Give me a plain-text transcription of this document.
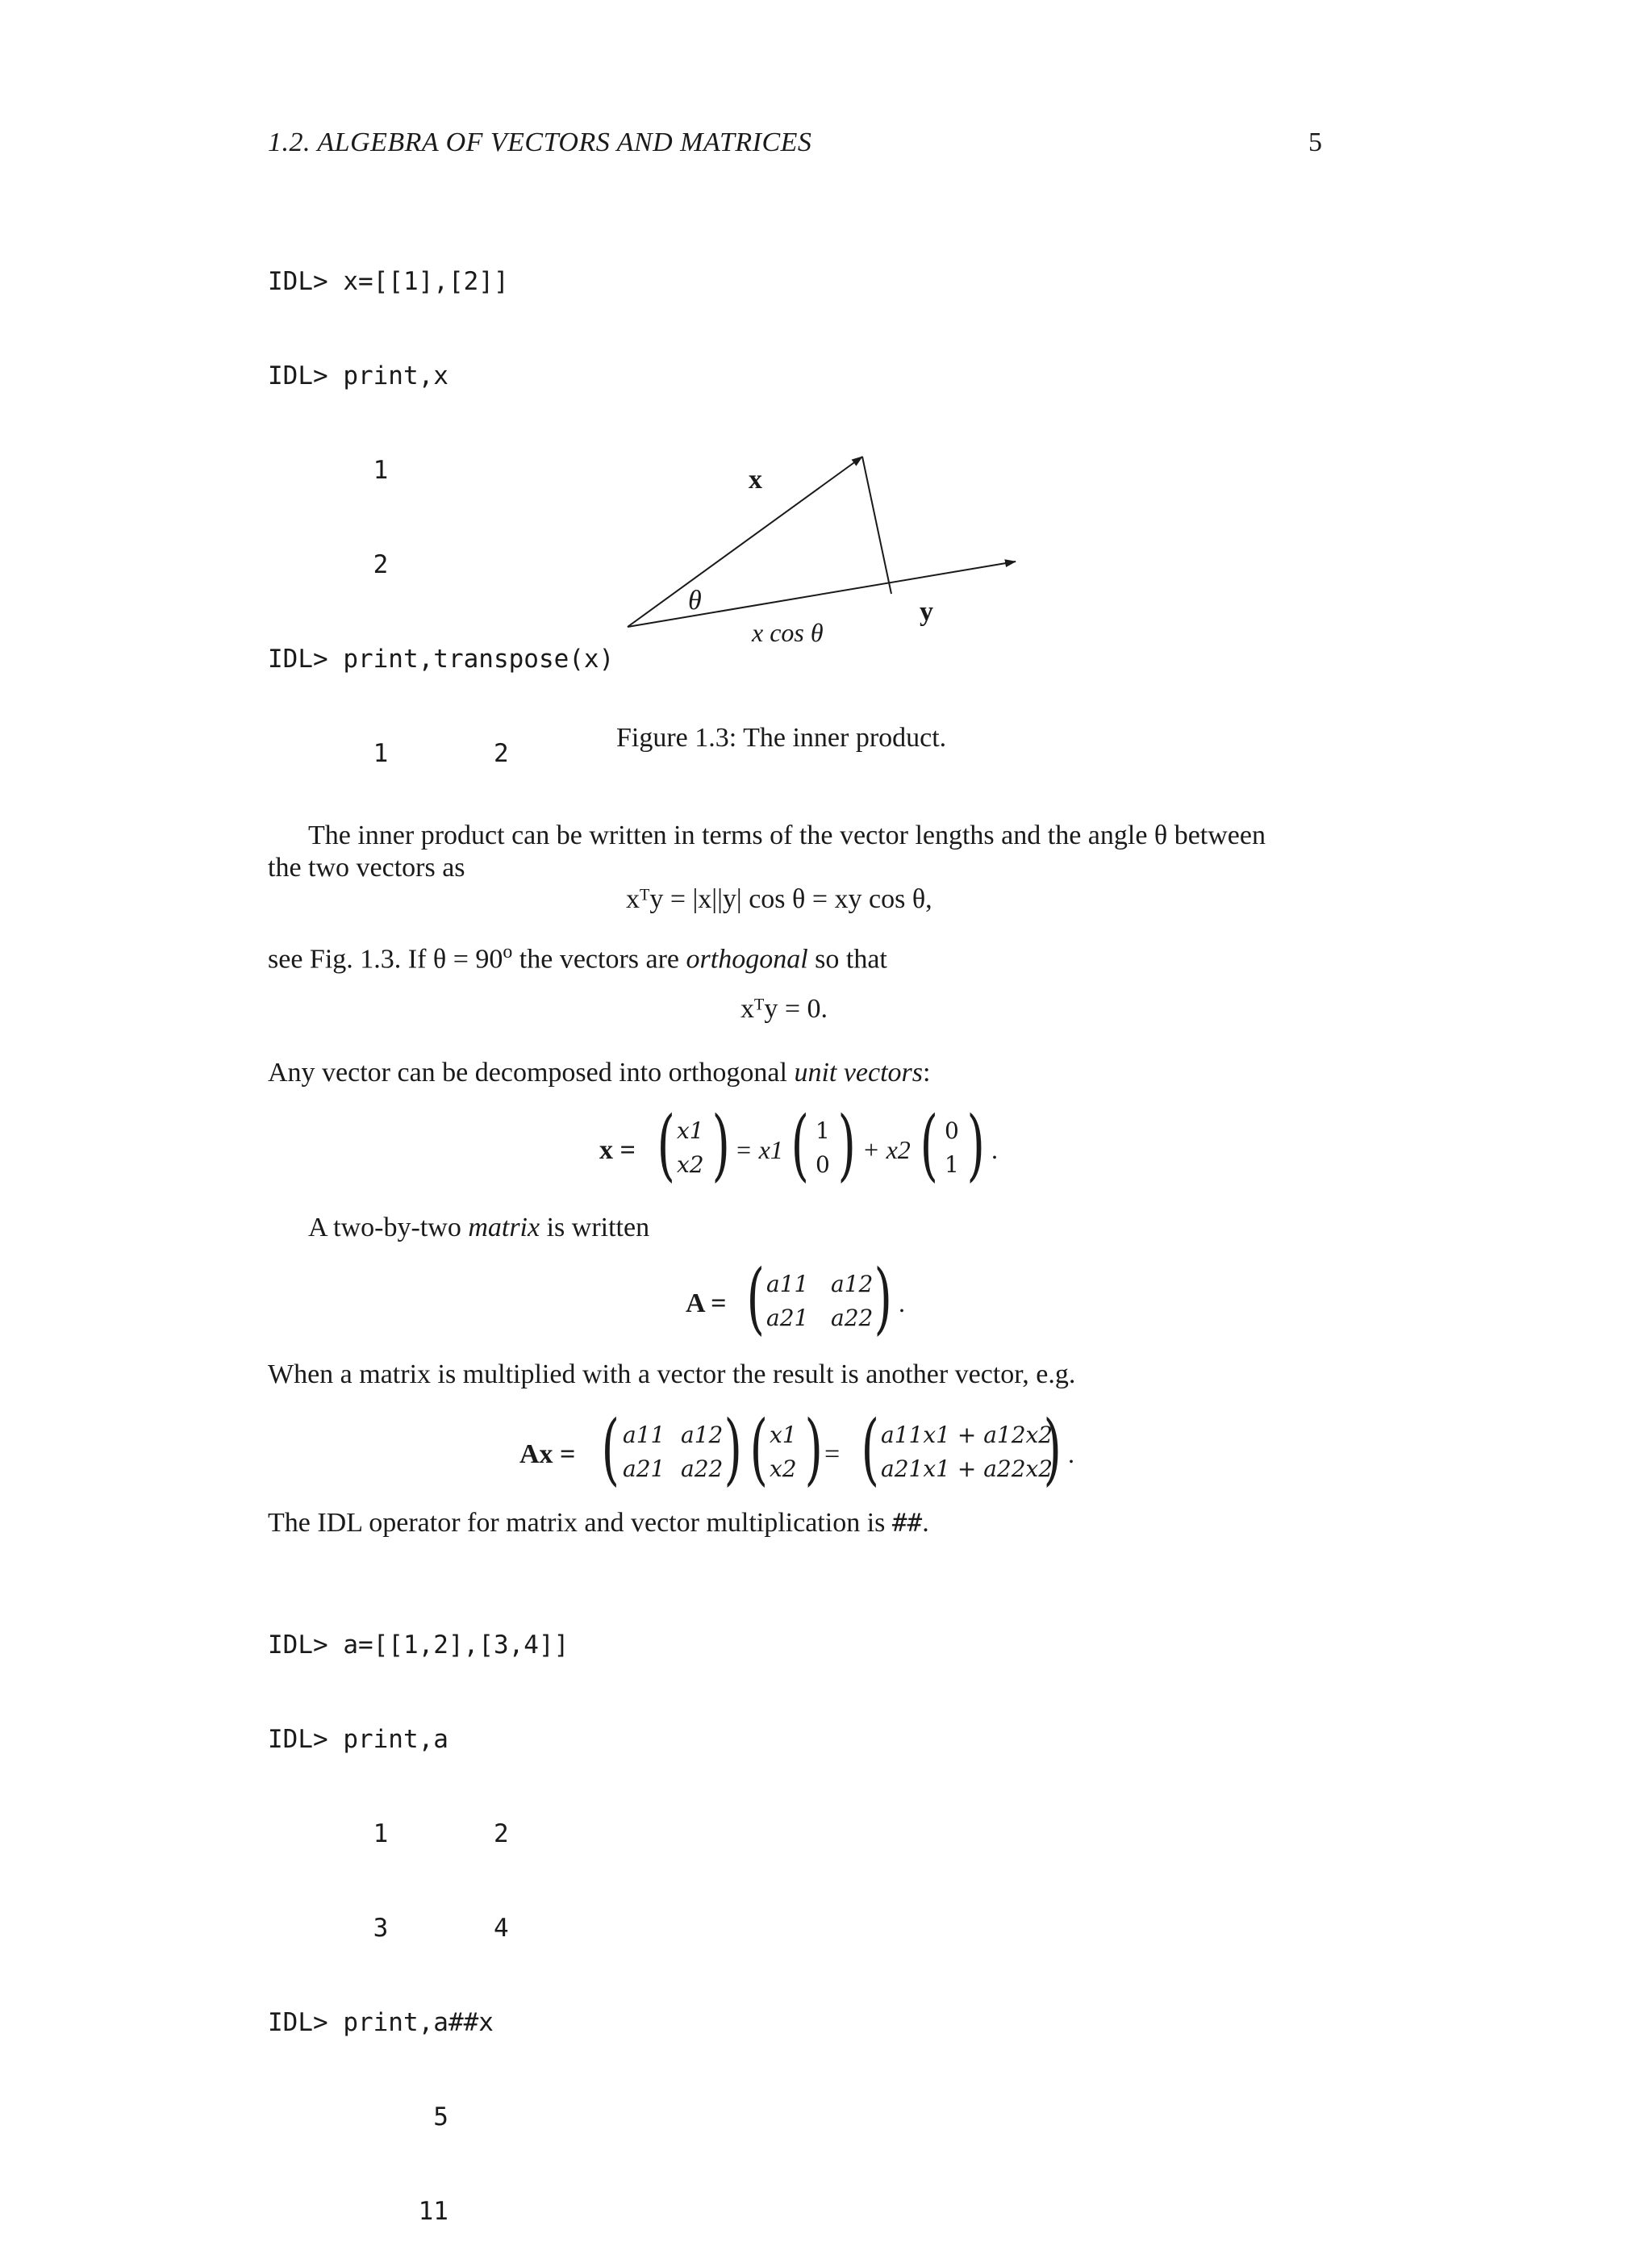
1.2. ALGEBRA OF VECTORS AND MATRICES	5

IDL> x=[[1],[2]]

IDL> print,x

1

2

IDL> print,transpose(x)

1       2

x
y
θ
x cos θ
Figure 1.3: The inner product.
The inner product can be written in terms of the vector lengths and the angle θ between
the two vectors as
xᵀy = |x||y| cos θ = xy cos θ,
see Fig. 1.3. If $\theta = 90^o$ the vectors are orthogonal so that
xᵀy = 0.
Any vector can be decomposed into orthogonal unit vectors:
x = ( x1
x2 ) = x1 ( 1
0 ) + x2 ( 0
1 ) .
A two-by-two matrix is written
A = ( a11 a12
a21 a22 ) .
When a matrix is multiplied with a vector the result is another vector, e.g.
Ax = ( a11 a12
a21 a22 ) ( x1
x2 ) = ( a11x1 + a12x2
a21x1 + a22x2
) .
The IDL operator for matrix and vector multiplication is ##.

IDL> a=[[1,2],[3,4]]

IDL> print,a

1       2

3       4

IDL> print,a##x

5

11
